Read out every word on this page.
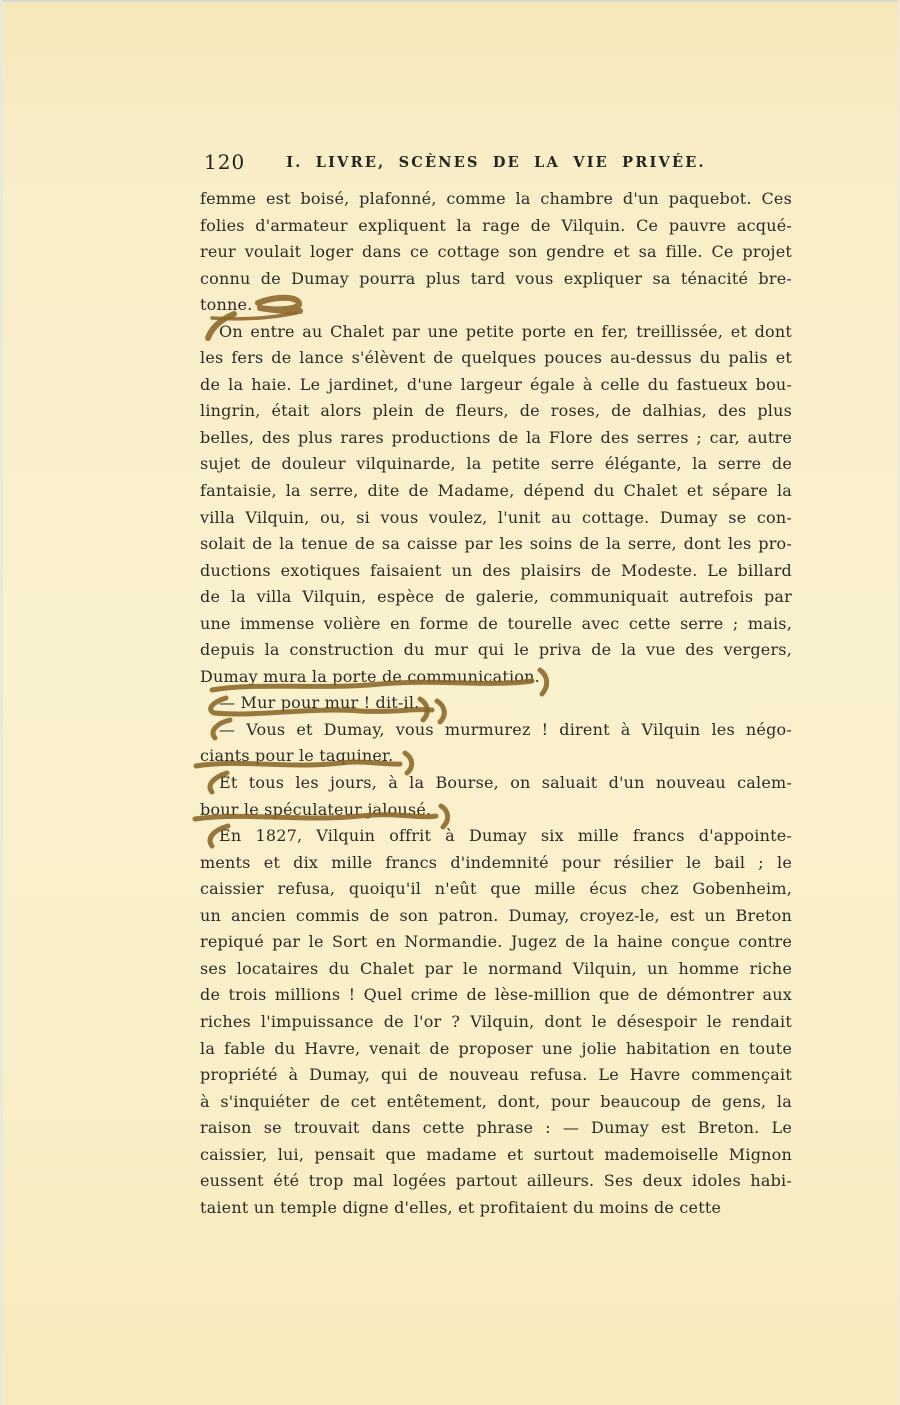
120	I. LIVRE, SCÈNES DE LA VIE PRIVÉE.
femme est boisé, plafonné, comme la chambre d'un paquebot. Ces
folies d'armateur expliquent la rage de Vilquin. Ce pauvre acqué-
reur voulait loger dans ce cottage son gendre et sa fille. Ce projet
connu de Dumay pourra plus tard vous expliquer sa ténacité bre-
tonne.
On entre au Chalet par une petite porte en fer, treillissée, et dont
les fers de lance s'élèvent de quelques pouces au-dessus du palis et
de la haie. Le jardinet, d'une largeur égale à celle du fastueux bou-
lingrin, était alors plein de fleurs, de roses, de dalhias, des plus
belles, des plus rares productions de la Flore des serres ; car, autre
sujet de douleur vilquinarde, la petite serre élégante, la serre de
fantaisie, la serre, dite de Madame, dépend du Chalet et sépare la
villa Vilquin, ou, si vous voulez, l'unit au cottage. Dumay se con-
solait de la tenue de sa caisse par les soins de la serre, dont les pro-
ductions exotiques faisaient un des plaisirs de Modeste. Le billard
de la villa Vilquin, espèce de galerie, communiquait autrefois par
une immense volière en forme de tourelle avec cette serre ; mais,
depuis la construction du mur qui le priva de la vue des vergers,
Dumay mura la porte de communication.
— Mur pour mur ! dit-il.
— Vous et Dumay, vous murmurez ! dirent à Vilquin les négo-
ciants pour le taquiner.
Et tous les jours, à la Bourse, on saluait d'un nouveau calem-
bour le spéculateur jalousé.
En 1827, Vilquin offrit à Dumay six mille francs d'appointe-
ments et dix mille francs d'indemnité pour résilier le bail ; le
caissier refusa, quoiqu'il n'eût que mille écus chez Gobenheim,
un ancien commis de son patron. Dumay, croyez-le, est un Breton
repiqué par le Sort en Normandie. Jugez de la haine conçue contre
ses locataires du Chalet par le normand Vilquin, un homme riche
de trois millions ! Quel crime de lèse-million que de démontrer aux
riches l'impuissance de l'or ? Vilquin, dont le désespoir le rendait
la fable du Havre, venait de proposer une jolie habitation en toute
propriété à Dumay, qui de nouveau refusa. Le Havre commençait
à s'inquiéter de cet entêtement, dont, pour beaucoup de gens, la
raison se trouvait dans cette phrase : — Dumay est Breton. Le
caissier, lui, pensait que madame et surtout mademoiselle Mignon
eussent été trop mal logées partout ailleurs. Ses deux idoles habi-
taient un temple digne d'elles, et profitaient du moins de cette
